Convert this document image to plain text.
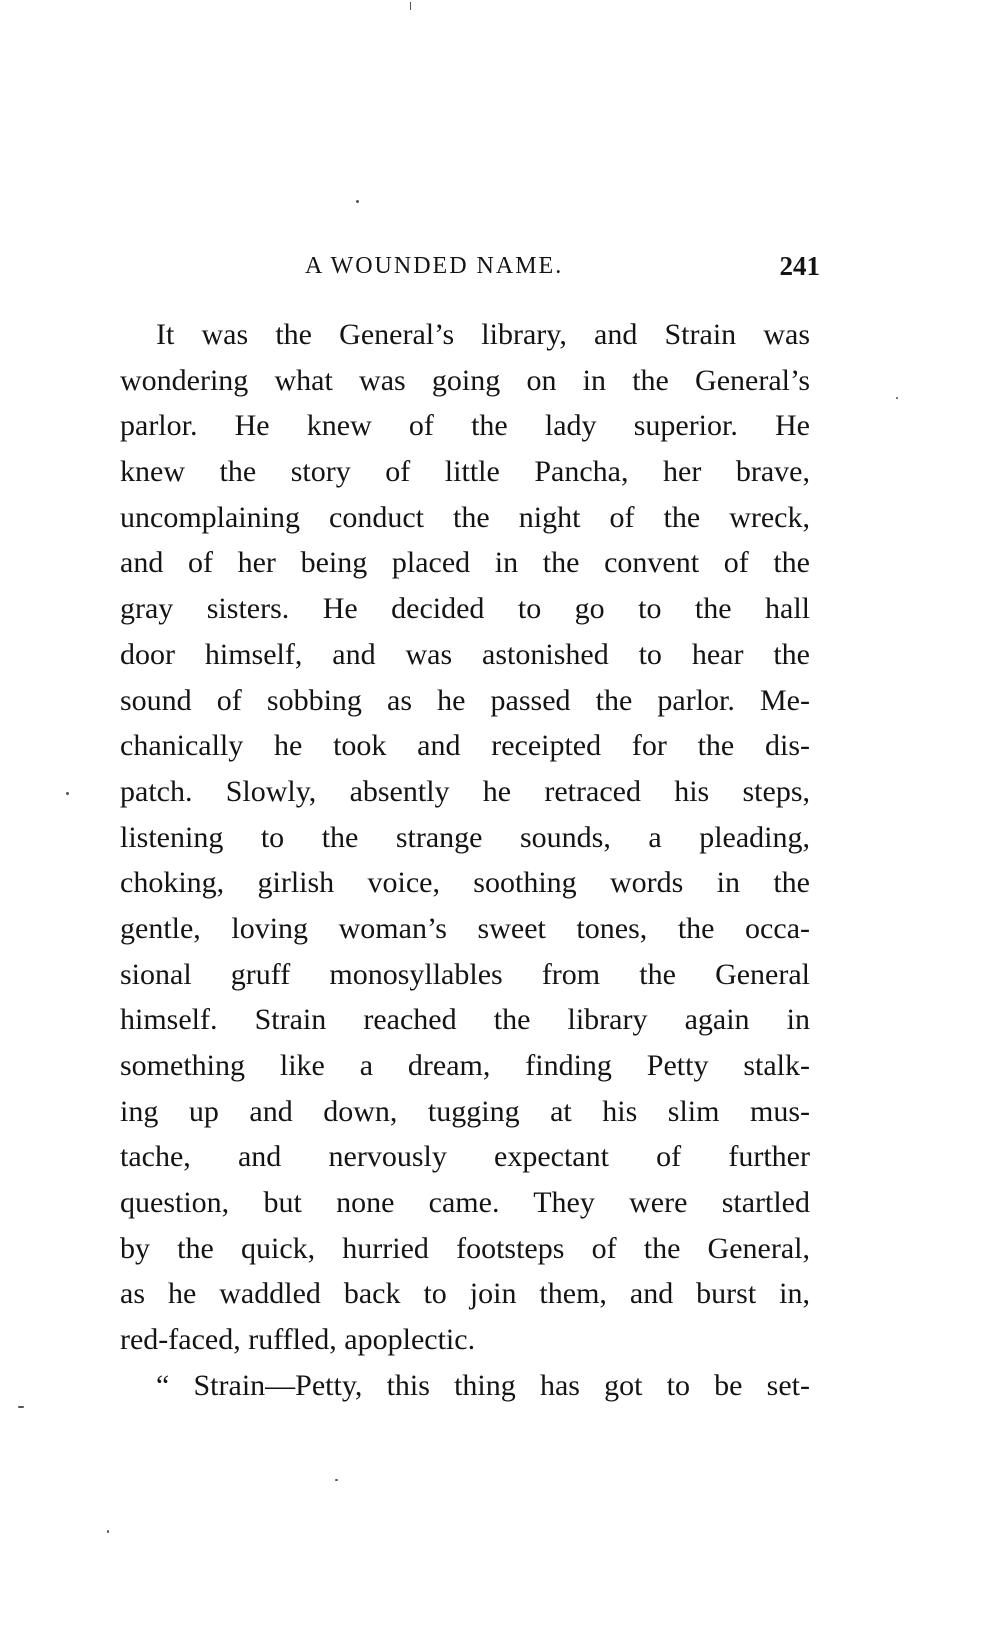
A WOUNDED NAME.	241
It was the General’s library, and Strain was
wondering what was going on in the General’s
parlor. He knew of the lady superior. He
knew the story of little Pancha, her brave,
uncomplaining conduct the night of the wreck,
and of her being placed in the convent of the
gray sisters. He decided to go to the hall
door himself, and was astonished to hear the
sound of sobbing as he passed the parlor. Me-
chanically he took and receipted for the dis-
patch. Slowly, absently he retraced his steps,
listening to the strange sounds, a pleading,
choking, girlish voice, soothing words in the
gentle, loving woman’s sweet tones, the occa-
sional gruff monosyllables from the General
himself. Strain reached the library again in
something like a dream, finding Petty stalk-
ing up and down, tugging at his slim mus-
tache, and nervously expectant of further
question, but none came. They were startled
by the quick, hurried footsteps of the General,
as he waddled back to join them, and burst in,
red-faced, ruffled, apoplectic.
“ Strain—Petty, this thing has got to be set-
